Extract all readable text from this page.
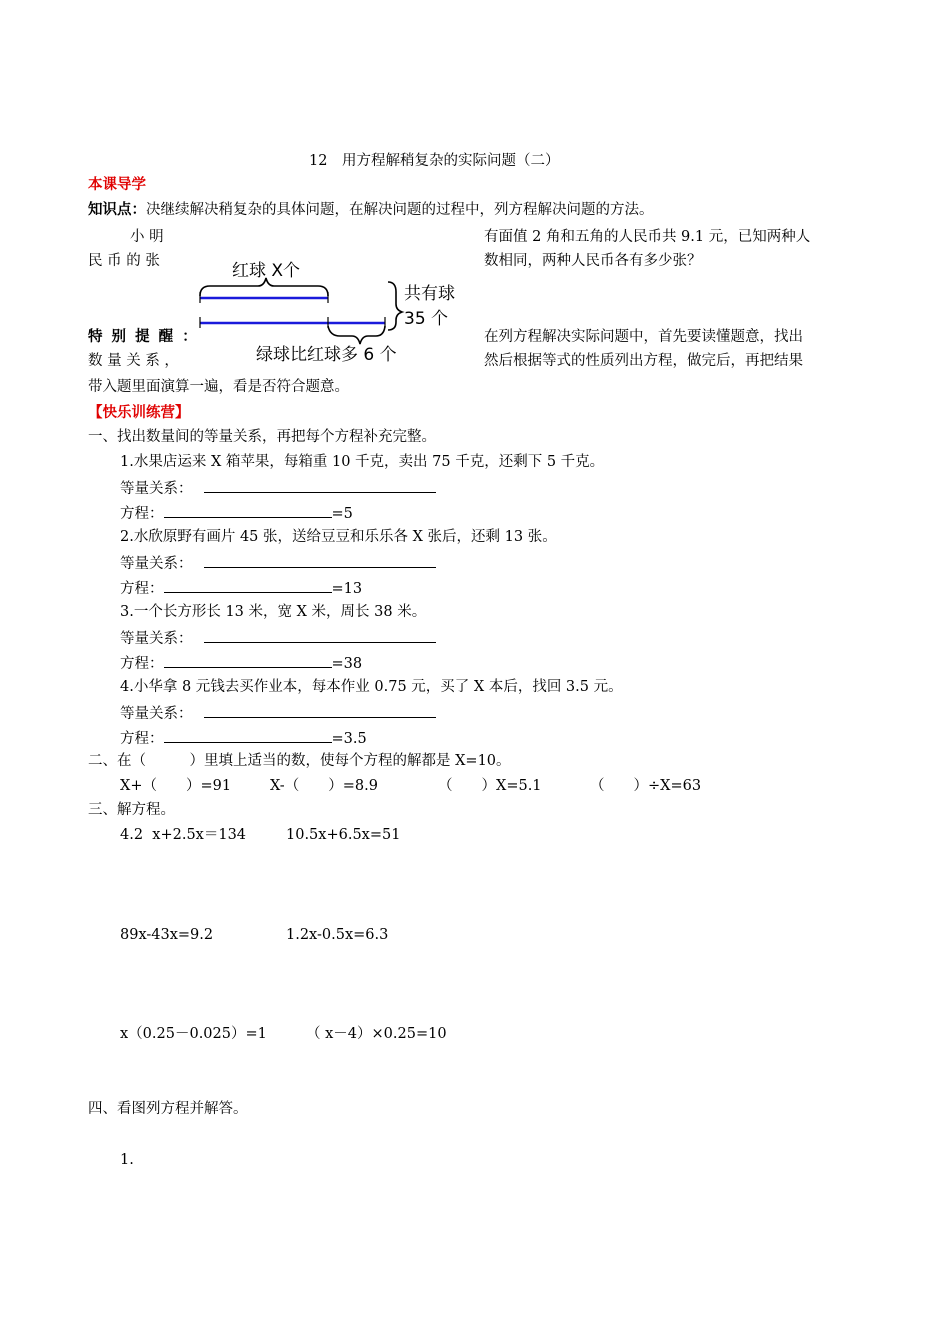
12　用方程解稍复杂的实际问题（二）
本课导学
知识点：决继续解决稍复杂的具体问题，在解决问题的过程中，列方程解决问题的方法。
小 明
民 币 的 张
有面值 2 角和五角的人民币共 9.1 元，已知两种人
数相同，两种人民币各有多少张？
特 别 提 醒 ：
数 量 关 系 ，
在列方程解决实际问题中，首先要读懂题意，找出
然后根据等式的性质列出方程，做完后，再把结果
带入题里面演算一遍，看是否符合题意。
红球 X个
共有球
35 个
绿球比红球多 6 个
【快乐训练营】
一、找出数量间的等量关系，再把每个方程补充完整。
1.水果店运来 X 箱苹果，每箱重 10 千克，卖出 75 千克，还剩下 5 千克。
等量关系：　
方程：	=5
2.水欣原野有画片 45 张，送给豆豆和乐乐各 X 张后，还剩 13 张。
等量关系：　
方程：	=13
3.一个长方形长 13 米，宽 X 米，周长 38 米。
等量关系：　
方程：	=38
4.小华拿 8 元钱去买作业本，每本作业 0.75 元，买了 X 本后，找回 3.5 元。
等量关系：　
方程：	=3.5
二、在（　　　）里填上适当的数，使每个方程的解都是 X=10。
X+（　　）=91	X-（　　）=8.9	（　　）X=5.1	（　　）÷X=63
三、解方程。
4.2  x+2.5x＝134	10.5x+6.5x=51
89x-43x=9.2	1.2x-0.5x=6.3
x（0.25－0.025）=1	（ x－4）×0.25=10
四、看图列方程并解答。
1.
